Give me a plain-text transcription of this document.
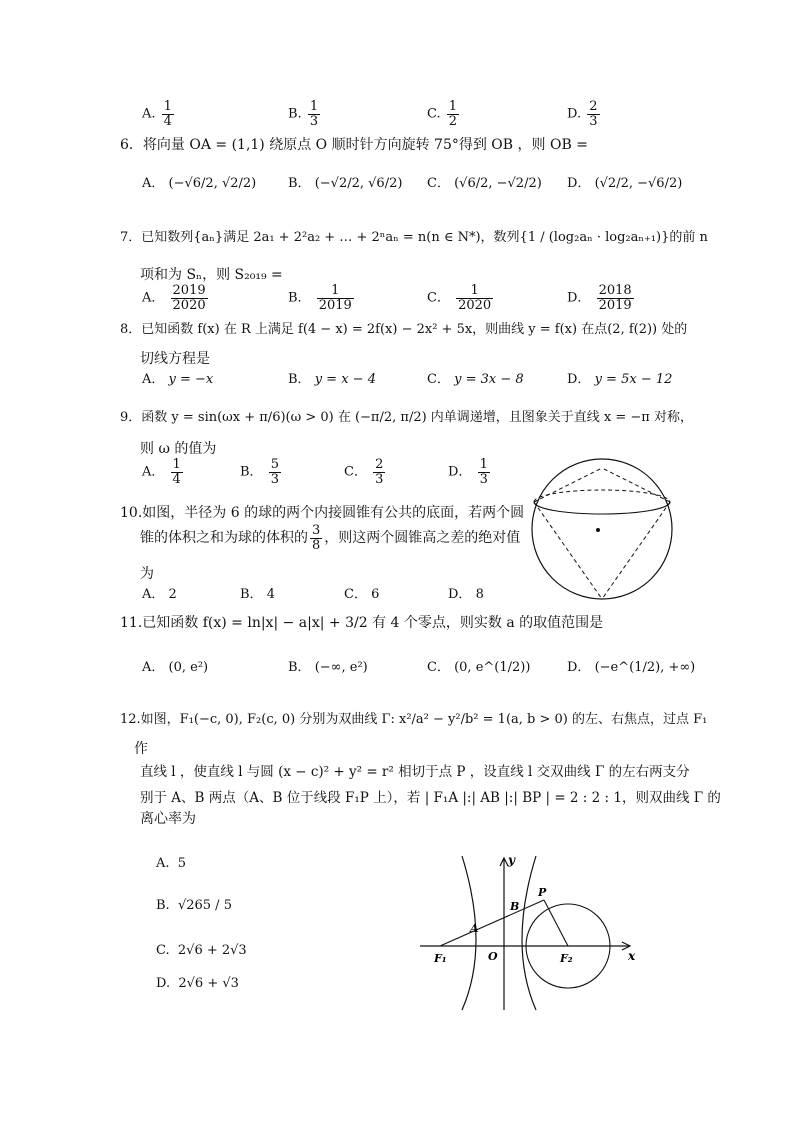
A. $\frac{1}{4}$	B. $\frac{1}{3}$	C. $\frac{1}{2}$	D. $\frac{2}{3}$
6．将向量 OA = (1,1) 绕原点 O 顺时针方向旋转 75°得到 OB ，则 OB =
A． (−√6/2, √2/2) B． (−√2/2, √6/2) C． (√6/2, −√2/2) D． (√2/2, −√6/2)
7．已知数列{aₙ}满足 2a₁ + 2²a₂ + … + 2ⁿaₙ = n(n ∈ N*)，数列{1 / (log₂aₙ · log₂aₙ₊₁)}的前 n
项和为 Sₙ，则 S₂₀₁₉ =
A． $\frac{2019}{2020}$	B． $\frac{1}{2019}$	C． $\frac{1}{2020}$	D． $\frac{2018}{2019}$
8．已知函数 f(x) 在 R 上满足 f(4 − x) = 2f(x) − 2x² + 5x，则曲线 y = f(x) 在点(2, f(2)) 处的
切线方程是
A． y = −x	B． y = x − 4	C． y = 3x − 8	D． y = 5x − 12
9．函数 y = sin(ωx + π/6)(ω > 0) 在 (−π/2, π/2) 内单调递增，且图象关于直线 x = −π 对称，
则 ω 的值为
A． $\frac{1}{4}$	B． $\frac{5}{3}$	C． $\frac{2}{3}$	D． $\frac{1}{3}$
10.如图，半径为 6 的球的两个内接圆锥有公共的底面，若两个圆
锥的体积之和为球的体积的 $\frac{3}{8}$ ，则这两个圆锥高之差的绝对值
为
A． 2	B． 4	C． 6	D． 8
11.已知函数 f(x) = ln|x| − a|x| + 3/2 有 4 个零点，则实数 a 的取值范围是
A． (0, e²)	B． (−∞, e²)	C． (0, e^(1/2))	D． (−e^(1/2), +∞)
12.如图，F₁(−c, 0), F₂(c, 0) 分别为双曲线 Γ: x²/a² − y²/b² = 1(a, b > 0) 的左、右焦点，过点 F₁
作
直线 l ，使直线 l 与圆 (x − c)² + y² = r² 相切于点 P ，设直线 l 交双曲线 Γ 的左右两支分
别于 A、B 两点（A、B 位于线段 F₁P 上），若 | F₁A |:| AB |:| BP | = 2 : 2 : 1，则双曲线 Γ 的
离心率为
A. 5
B. √265 / 5
C. 2√6 + 2√3
D. 2√6 + √3
y
x
O
A
B
P
F₁	F₂
